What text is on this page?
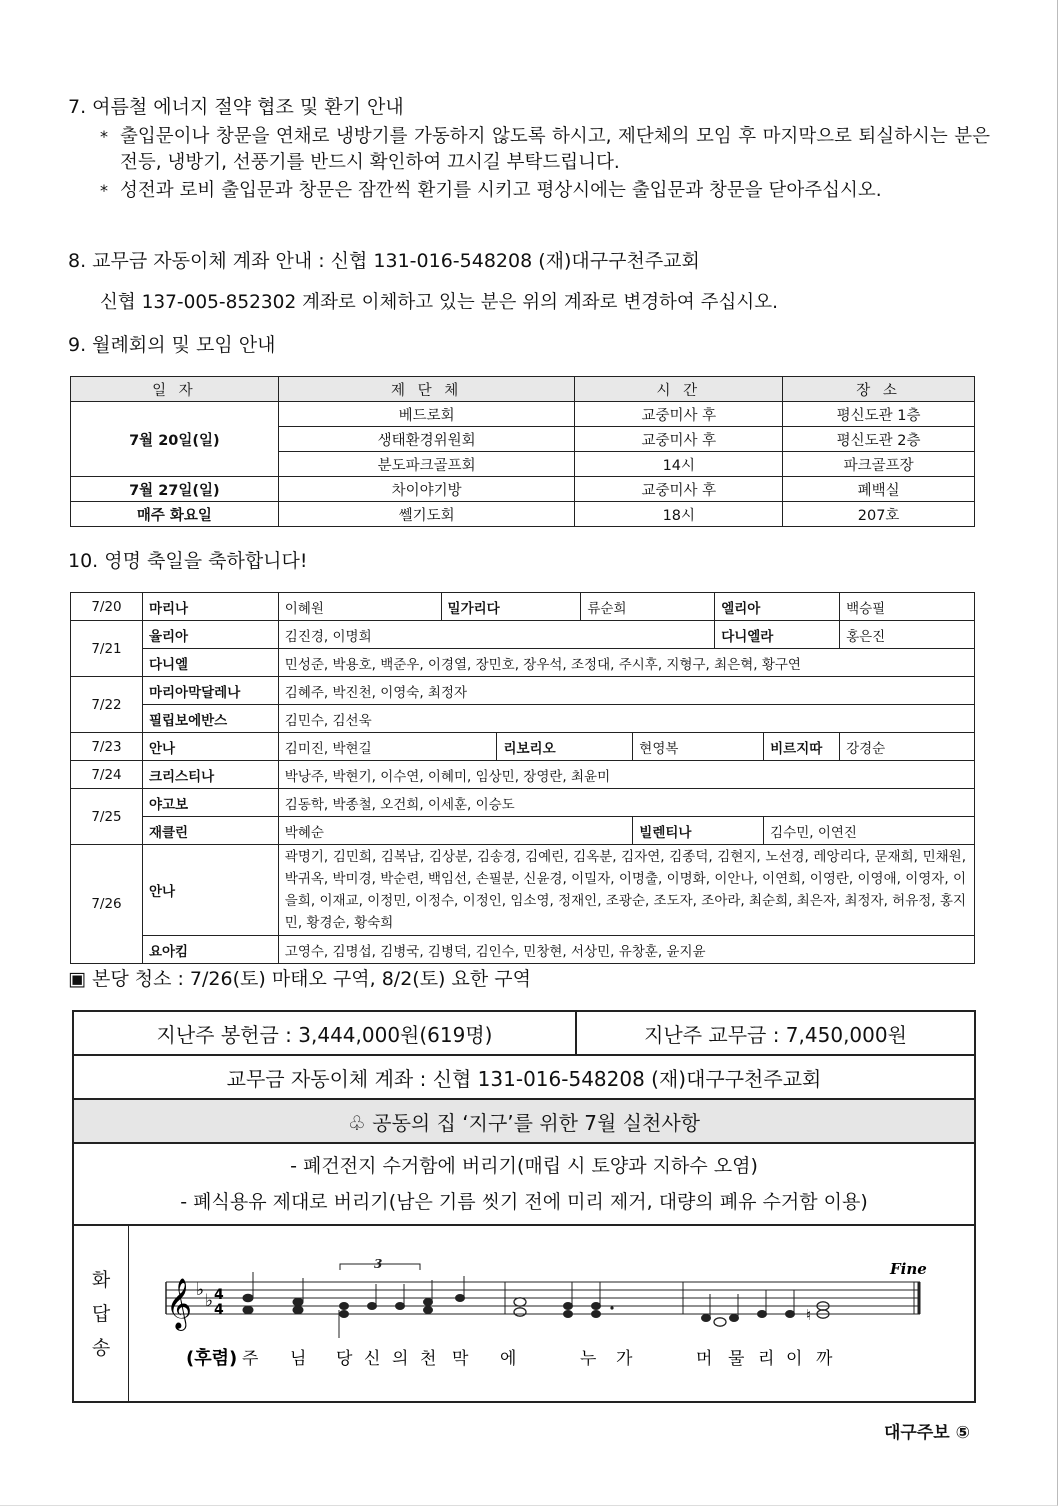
7. 여름철 에너지 절약 협조 및 환기 안내
* 출입문이나 창문을 연채로 냉방기를 가동하지 않도록 하시고, 제단체의 모임 후 마지막으로 퇴실하시는 분은 전등, 냉방기, 선풍기를 반드시 확인하여 끄시길 부탁드립니다.
* 성전과 로비 출입문과 창문은 잠깐씩 환기를 시키고 평상시에는 출입문과 창문을 닫아주십시오.
8. 교무금 자동이체 계좌 안내 : 신협 131-016-548208 (재)대구구천주교회
신협 137-005-852302 계좌로 이체하고 있는 분은 위의 계좌로 변경하여 주십시오.
9. 월례회의 및 모임 안내
일 자	제 단 체	시 간	장 소
7월 20일(일)	베드로회	교중미사 후	평신도관 1층
	생태환경위원회	교중미사 후	평신도관 2층
	분도파크골프회	14시	파크골프장
7월 27일(일)	차이야기방	교중미사 후	폐백실
매주 화요일	쎌기도회	18시	207호
10. 영명 축일을 축하합니다!
7/20	마리나	이혜원	밀가리다		류순희		엘리아		백승필
7/21	율리아	김진경, 이명희					다니엘라		홍은진
	다니엘	민성준, 박용호, 백준우, 이경열, 장민호, 장우석, 조정대, 주시후, 지형구, 최은혁, 황구연							
7/22	마리아막달레나	김혜주, 박진천, 이영숙, 최정자							
	필립보에반스	김민수, 김선욱							
7/23	안나	김미진, 박현길		리보리오		현영복		비르지따	강경순
7/24	크리스티나	박낭주, 박현기, 이수연, 이혜미, 임상민, 장영란, 최윤미							
7/25	야고보	김동학, 박종철, 오건희, 이세훈, 이승도							
	재클린	박혜순				빌렌티나		김수민, 이연진	
7/26	안나	곽명기, 김민희, 김복남, 김상분, 김송경, 김예린, 김옥분, 김자연, 김종덕, 김현지, 노선경, 레앙리다, 문재희, 민채원, 박귀옥, 박미경, 박순련, 백임선, 손필분, 신윤경, 이밀자, 이명출, 이명화, 이안나, 이연희, 이영란, 이영애, 이영자, 이을희, 이재교, 이정민, 이정수, 이정인, 임소영, 정재인, 조광순, 조도자, 조아라, 최순희, 최은자, 최정자, 허유정, 홍지민, 황경순, 황숙희							
	요아킴	고영수, 김명섭, 김병국, 김병덕, 김인수, 민창현, 서상민, 유창훈, 윤지윤							
▣ 본당 청소 : 7/26(토) 마태오 구역, 8/2(토) 요한 구역
지난주 봉헌금 : 3,444,000원(619명)	지난주 교무금 : 7,450,000원
교무금 자동이체 계좌 : 신협 131-016-548208 (재)대구구천주교회
♧ 공동의 집 ‘지구’를 위한 7월 실천사항
- 폐건전지 수거함에 버리기(매립 시 토양과 지하수 오염)
- 폐식용유 제대로 버리기(남은 기름 씻기 전에 미리 제거, 대량의 폐유 수거함 이용)
화
답
송
𝄞 ♭
♭ 4
4	♮
3	Fine
(후렴) 주 님 당 신 의 천 막 에	누 가	머 물 리 이 까
대구주보 ⑤
